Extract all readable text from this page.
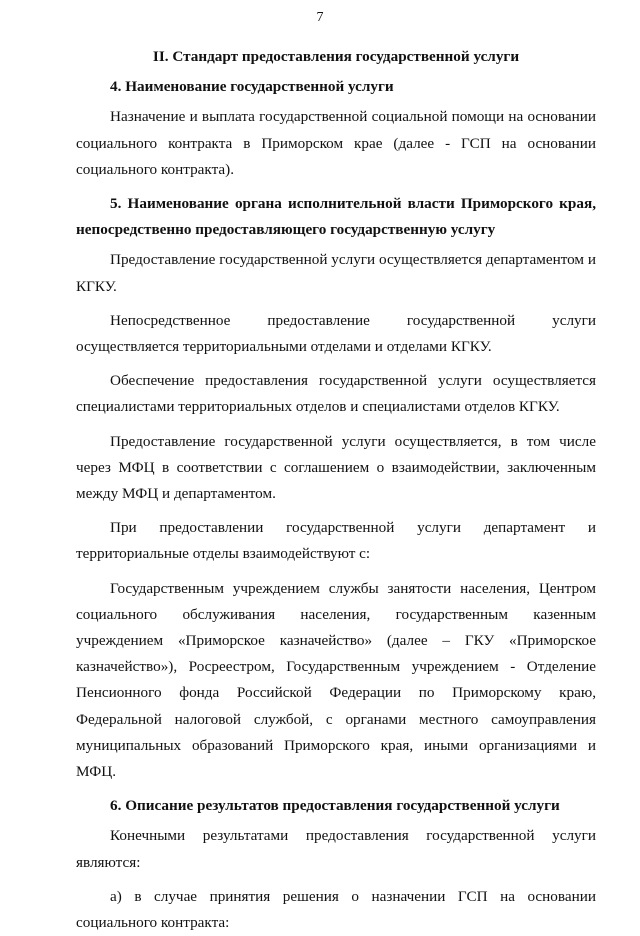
7
II. Стандарт предоставления государственной услуги
4. Наименование государственной услуги

Назначение и выплата государственной социальной помощи на основании социального контракта в Приморском крае (далее - ГСП на основании социального контракта).

5. Наименование органа исполнительной власти Приморского края, непосредственно предоставляющего государственную услугу

Предоставление государственной услуги осуществляется департаментом и КГКУ.

Непосредственное предоставление государственной услуги осуществляется территориальными отделами и отделами КГКУ.

Обеспечение предоставления государственной услуги осуществляется специалистами территориальных отделов и специалистами отделов КГКУ.

Предоставление государственной услуги осуществляется, в том числе через МФЦ в соответствии с соглашением о взаимодействии, заключенным между МФЦ и департаментом.

При предоставлении государственной услуги департамент и территориальные отделы взаимодействуют с:

Государственным учреждением службы занятости населения, Центром социального обслуживания населения, государственным казенным учреждением «Приморское казначейство» (далее – ГКУ «Приморское казначейство»), Росреестром, Государственным учреждением - Отделение Пенсионного фонда Российской Федерации по Приморскому краю, Федеральной налоговой службой, с органами местного самоуправления муниципальных образований Приморского края, иными организациями и МФЦ.

6. Описание результатов предоставления государственной услуги

Конечными результатами предоставления государственной услуги являются:

а) в случае принятия решения о назначении ГСП на основании социального контракта:
